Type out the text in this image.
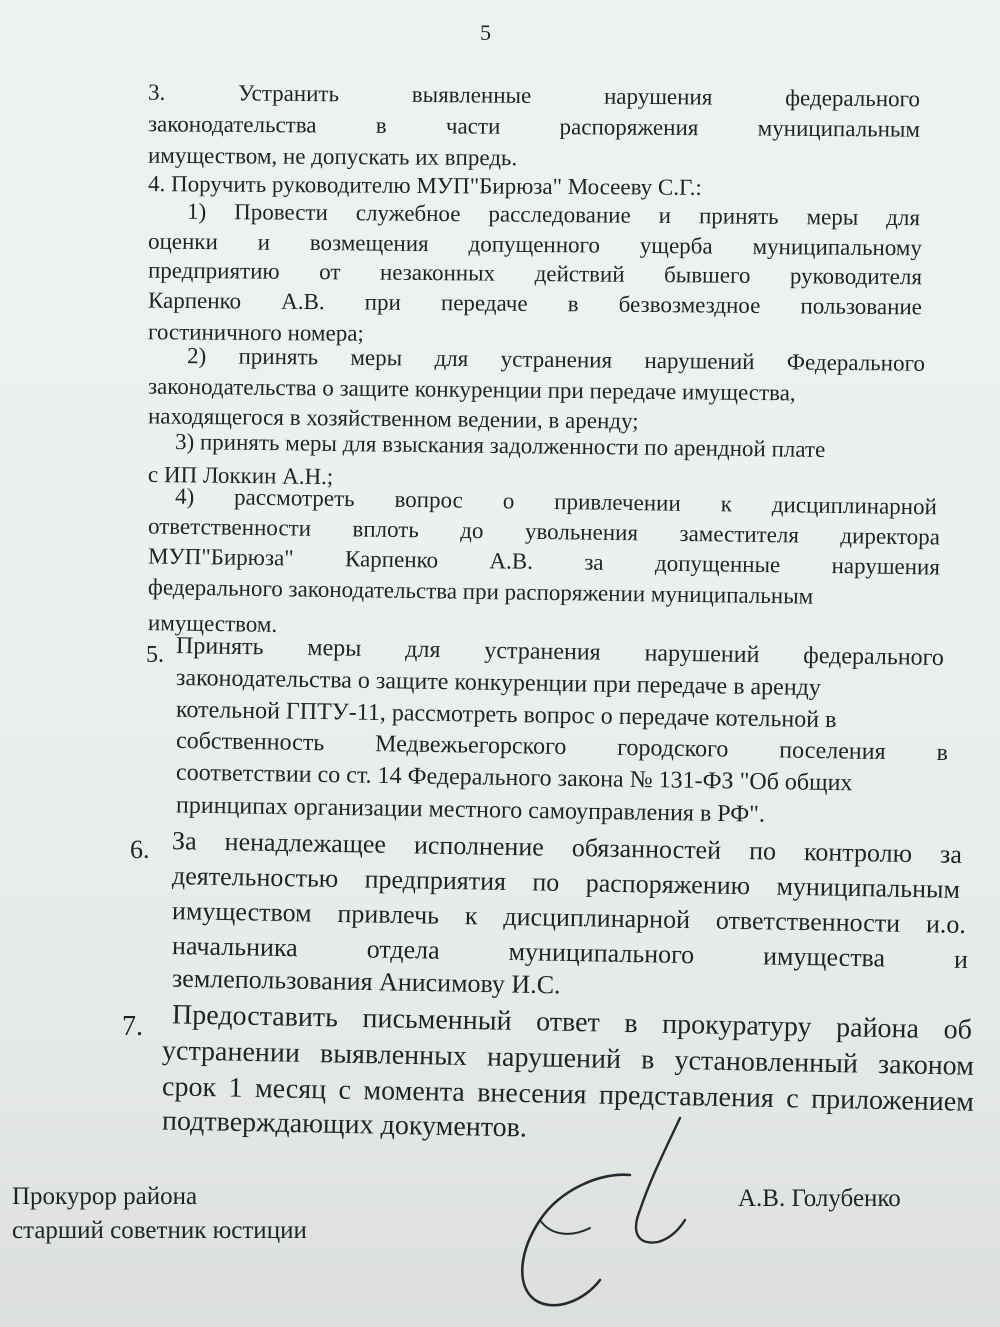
5
3.	Устранить	выявленные	нарушения	федерального
законодательства	в	части	распоряжения	муниципальным
имуществом, не допускать их впредь.
4. Поручить руководителю МУП"Бирюза" Мосееву С.Г.:
1) Провести служебное расследование и принять меры для
оценки и возмещения допущенного ущерба муниципальному
предприятию от незаконных действий бывшего руководителя
Карпенко А.В. при передаче в безвозмездное пользование
гостиничного номера;
2) принять меры для устранения нарушений Федерального
законодательства о защите конкуренции при передаче имущества,
находящегося в хозяйственном ведении, в аренду;
3) принять меры для взыскания задолженности по арендной плате
с ИП Локкин А.Н.;
4) рассмотреть вопрос о привлечении к дисциплинарной
ответственности вплоть до увольнения заместителя директора
МУП"Бирюза" Карпенко А.В. за допущенные нарушения
федерального законодательства при распоряжении муниципальным
имуществом.
5. Принять меры для устранения нарушений федерального
законодательства о защите конкуренции при передаче в аренду
котельной ГПТУ-11, рассмотреть вопрос о передаче котельной в
собственность Медвежьегорского городского поселения в
соответствии со ст. 14 Федерального закона № 131-ФЗ "Об общих
принципах организации местного самоуправления в РФ".
6. За ненадлежащее исполнение обязанностей по контролю за
деятельностью предприятия по распоряжению муниципальным
имуществом привлечь к дисциплинарной ответственности и.о.
начальника	отдела	муниципального	имущества	и
землепользования Анисимову И.С.
7. Предоставить письменный ответ в прокуратуру района об
устранении выявленных нарушений в установленный законом
срок 1 месяц с момента внесения представления с приложением
подтверждающих документов.
Прокурор района
старший советник юстиции
А.В. Голубенко
